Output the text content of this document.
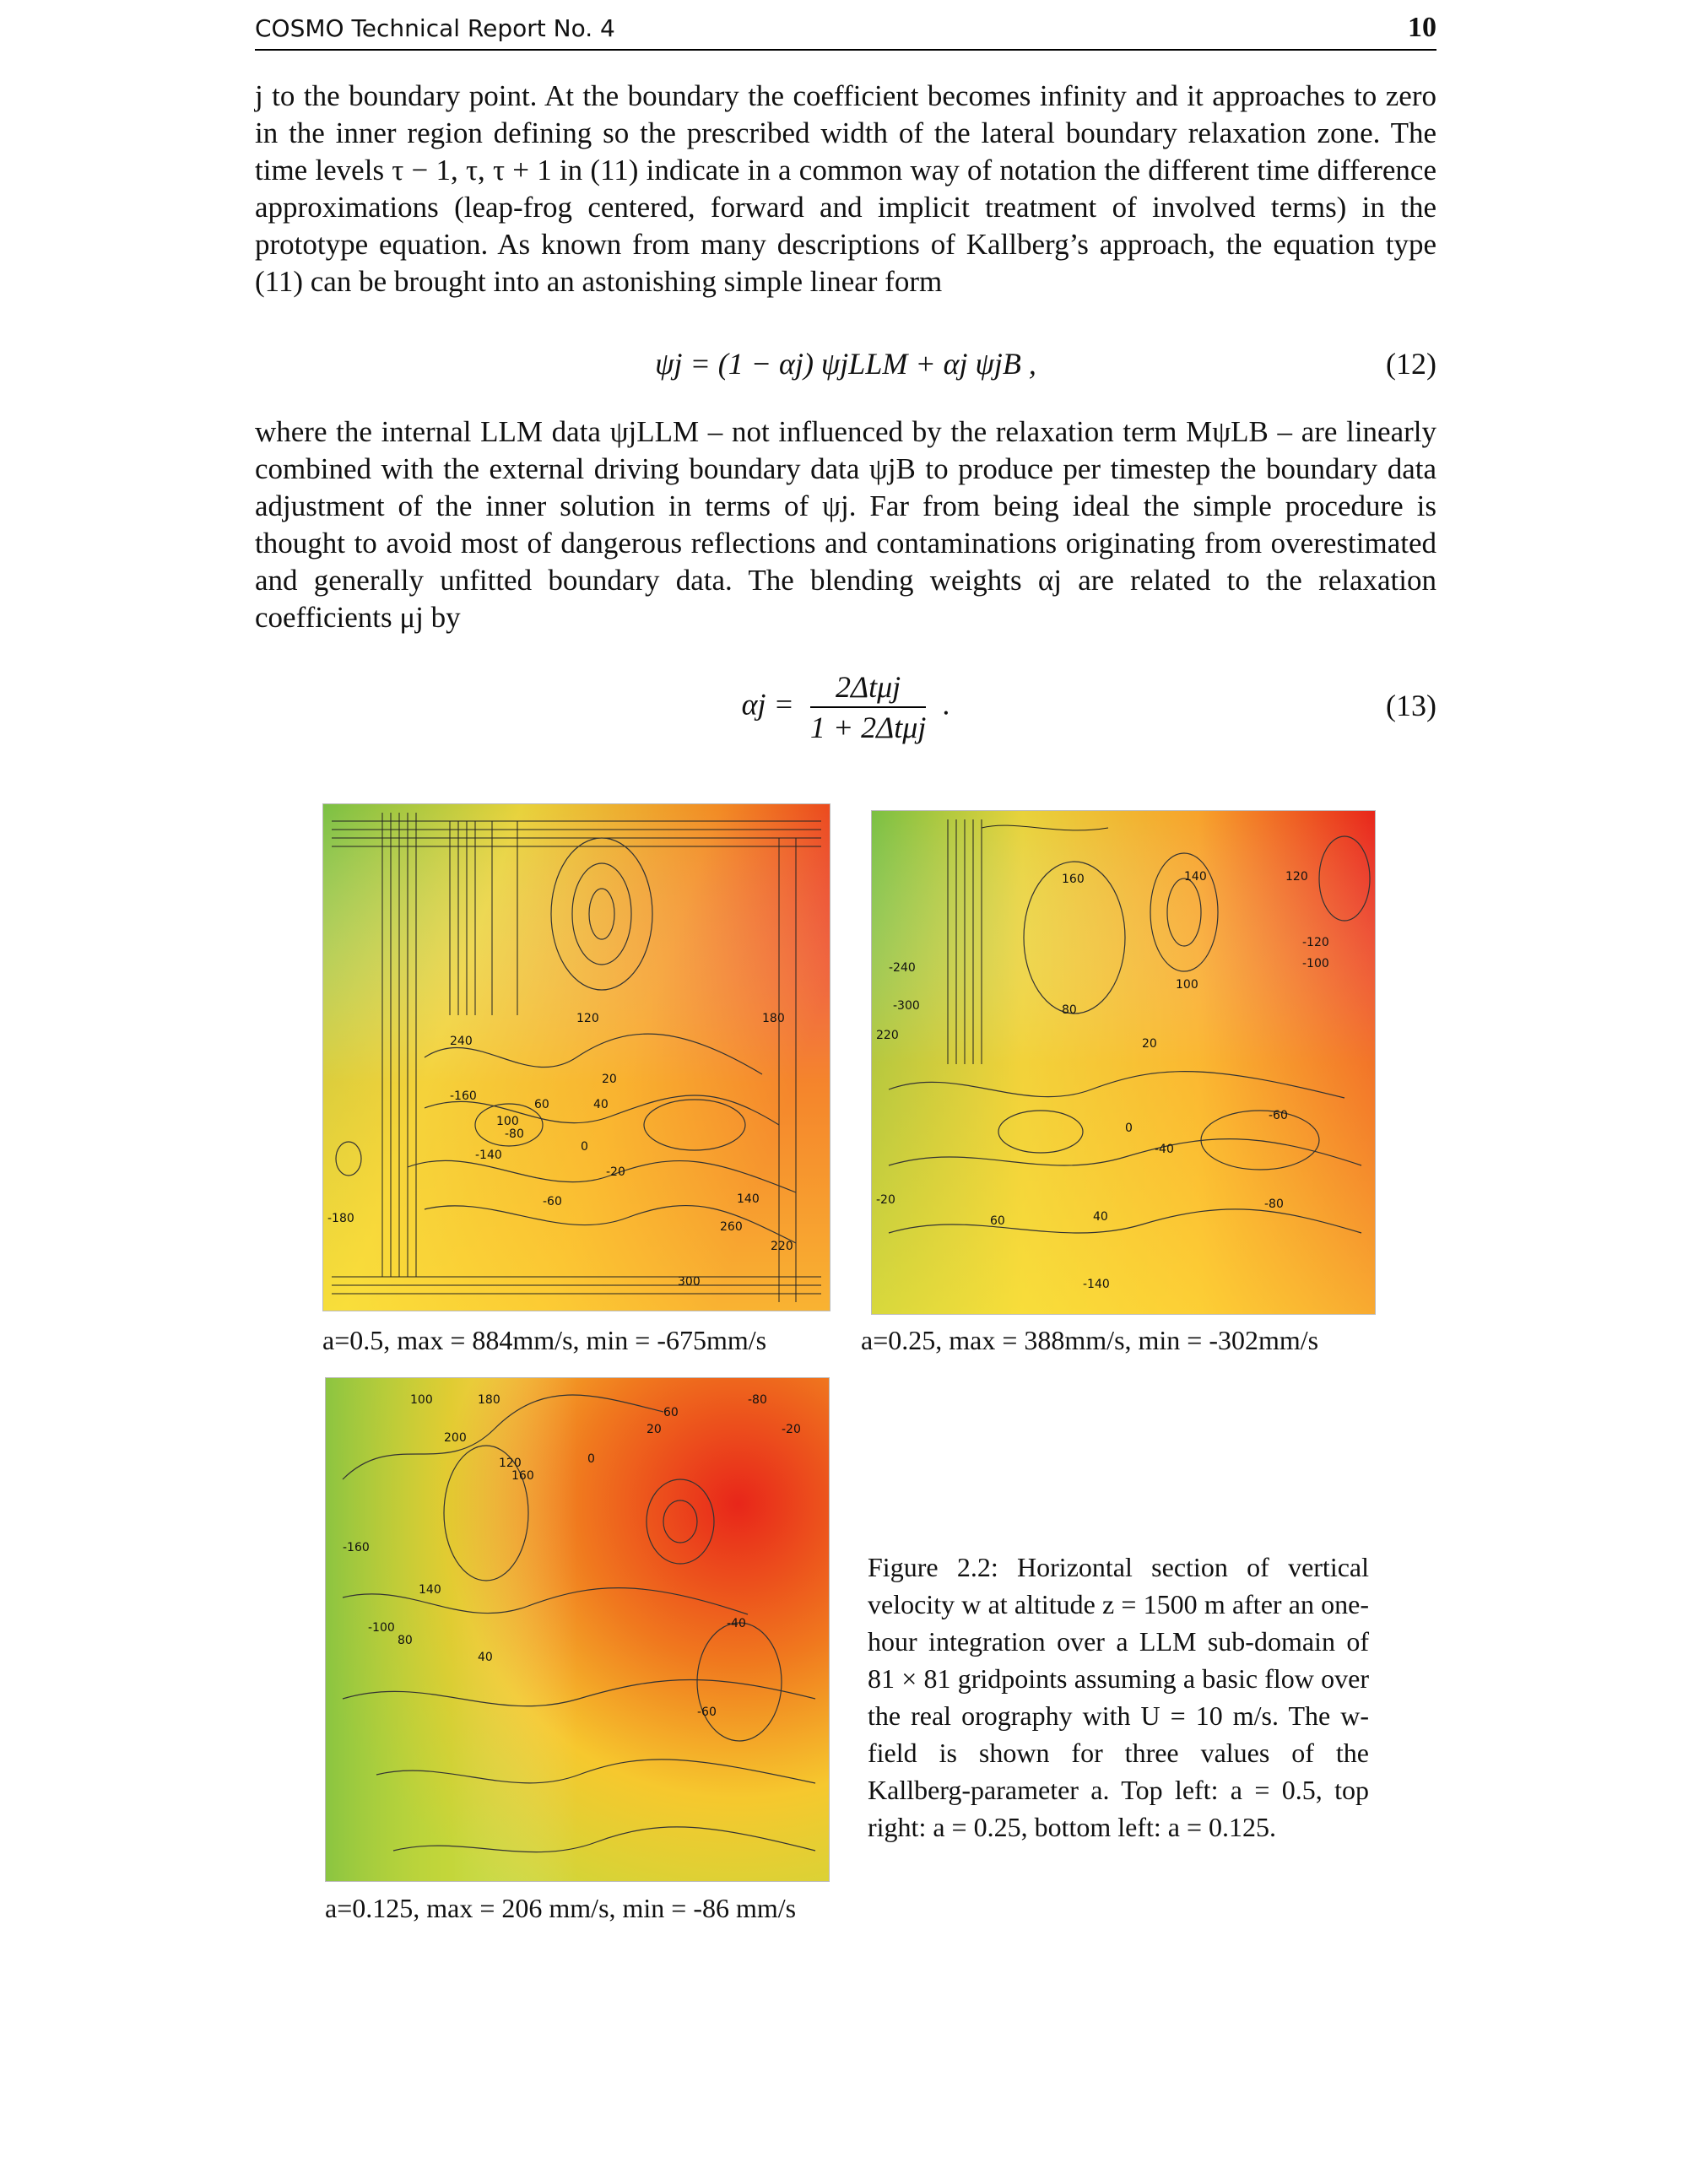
COSMO Technical Report No. 4	10

j to the boundary point. At the boundary the coefficient becomes infinity and it approaches to zero in the inner region defining so the prescribed width of the lateral boundary relaxation zone. The time levels τ − 1, τ, τ + 1 in (11) indicate in a common way of notation the different time difference approximations (leap-frog centered, forward and implicit treatment of involved terms) in the prototype equation. As known from many descriptions of Kallberg’s approach, the equation type (11) can be brought into an astonishing simple linear form

ψj = (1 − αj) ψjLLM + αj ψjB ,	(12)

where the internal LLM data ψjLLM – not influenced by the relaxation term MψLB – are linearly combined with the external driving boundary data ψjB to produce per timestep the boundary data adjustment of the inner solution in terms of ψj. Far from being ideal the simple procedure is thought to avoid most of dangerous reflections and contaminations originating from overestimated and generally unfitted boundary data. The blending weights αj are related to the relaxation coefficients μj by

$\alpha j = \frac{\text{2Δtμj}}{\text{1 + 2Δtμj}}$ .	(13)
-180
240
120	180
20
-80
100
60	40
0
-60
-20
-140
140
260
-160
220
300
a=0.5, max = 884mm/s, min = -675mm/s
-20
60
-140
160	140	120
100
80
-300
-240
220
20
0
-40
-60
-100
-120
-80
40
a=0.25, max = 388mm/s, min = -302mm/s
60
100	180
200
-80
-20
20
0
-40
140
-160
-100
40
-60
160
120
80
a=0.125, max = 206 mm/s, min = -86 mm/s

Figure 2.2: Horizontal section of vertical velocity w at altitude z = 1500 m after an one-hour integration over a LLM sub-domain of 81 × 81 gridpoints assuming a basic flow over the real orography with U = 10 m/s. The w-field is shown for three values of the Kallberg-parameter a. Top left: a = 0.5, top right: a = 0.25, bottom left: a = 0.125.
